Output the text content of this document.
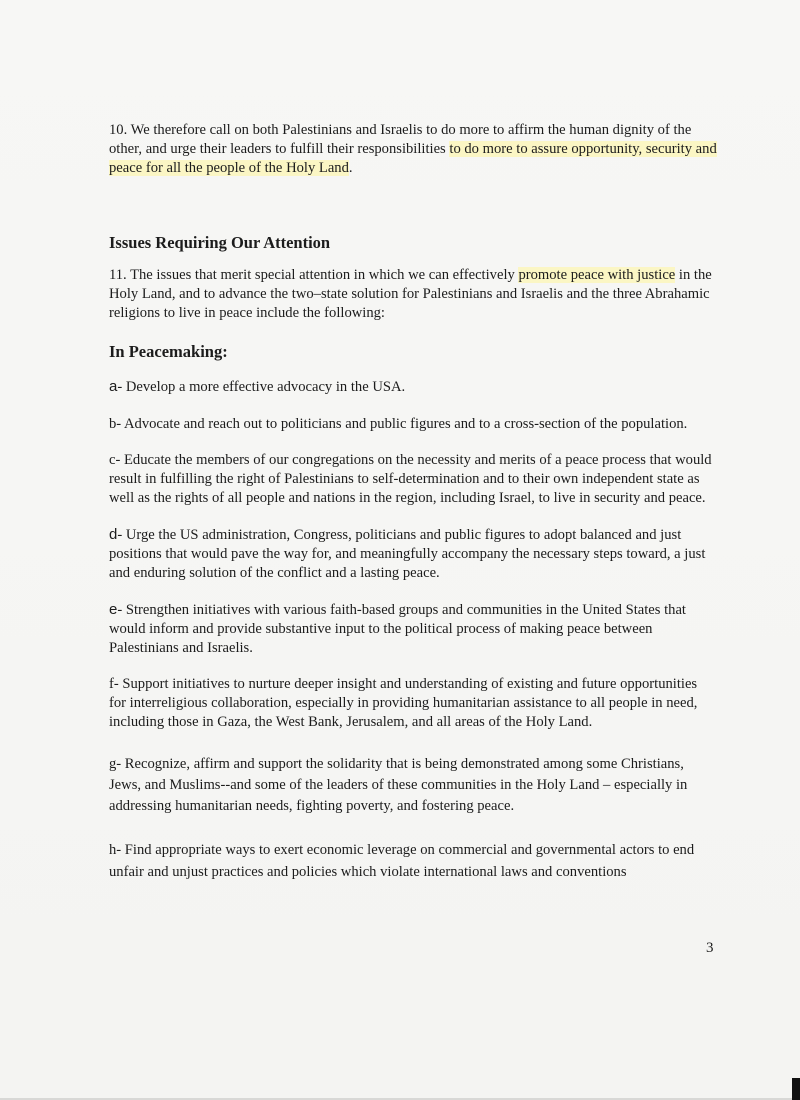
10. We therefore call on both Palestinians and Israelis to do more to affirm the human dignity of the other, and urge their leaders to fulfill their responsibilities to do more to assure opportunity, security and peace for all the people of the Holy Land.

Issues Requiring Our Attention

11. The issues that merit special attention in which we can effectively promote peace with justice in the Holy Land, and to advance the two–state solution for Palestinians and Israelis and the three Abrahamic religions to live in peace include the following:

In Peacemaking:

a- Develop a more effective advocacy in the USA.

b- Advocate and reach out to politicians and public figures and to a cross-section of the population.

c- Educate the members of our congregations on the necessity and merits of a peace process that would result in fulfilling the right of Palestinians to self-determination and to their own independent state as well as the rights of all people and nations in the region, including Israel, to live in security and peace.

d- Urge the US administration, Congress, politicians and public figures to adopt balanced and just positions that would pave the way for, and meaningfully accompany the necessary steps toward, a just and enduring solution of the conflict and a lasting peace.

e- Strengthen initiatives with various faith-based groups and communities in the United States that would inform and provide substantive input to the political process of making peace between Palestinians and Israelis.

f- Support initiatives to nurture deeper insight and understanding of existing and future opportunities for interreligious collaboration, especially in providing humanitarian assistance to all people in need, including those in Gaza, the West Bank, Jerusalem, and all areas of the Holy Land.

g- Recognize, affirm and support the solidarity that is being demonstrated among some Christians, Jews, and Muslims--and some of the leaders of these communities in the Holy Land – especially in addressing humanitarian needs, fighting poverty, and fostering peace.

h- Find appropriate ways to exert economic leverage on commercial and governmental actors to end unfair and unjust practices and policies which violate international laws and conventions

3
